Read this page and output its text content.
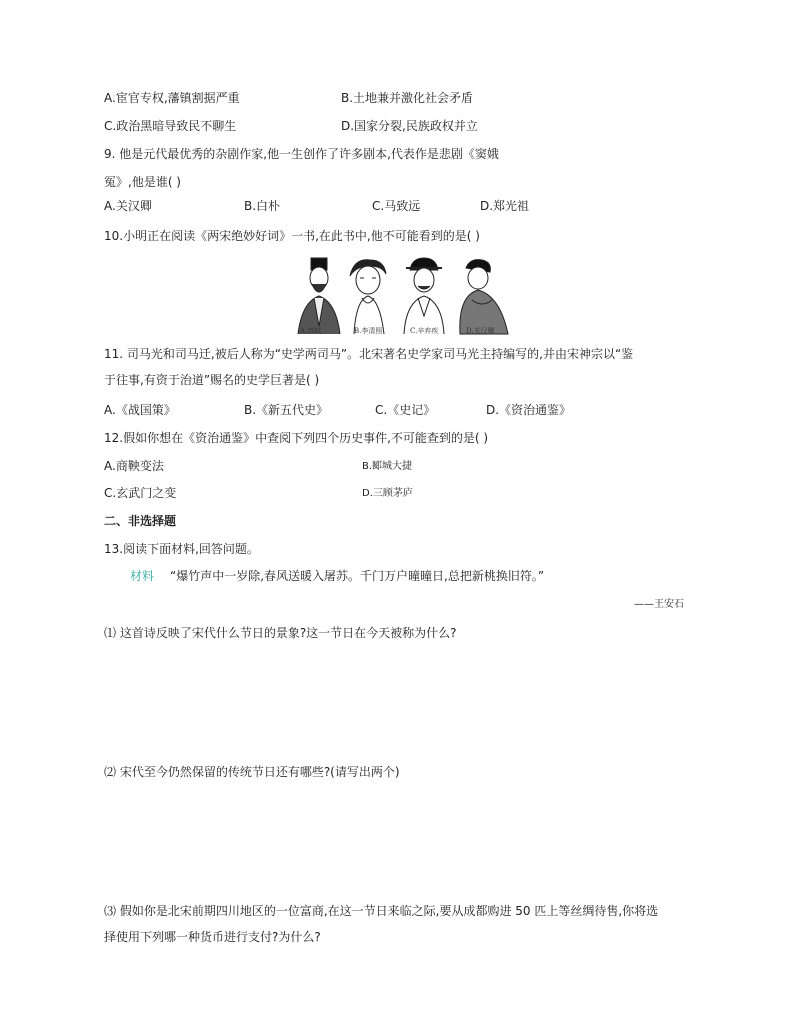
A.宦官专权,藩镇割据严重	B.土地兼并激化社会矛盾
C.政治黑暗导致民不聊生	D.国家分裂,民族政权并立
9. 他是元代最优秀的杂剧作家,他一生创作了许多剧本,代表作是悲剧《窦娥
冤》,他是谁( )
A.关汉卿	B.白朴	C.马致远	D.郑光祖
10.小明正在阅读《两宋绝妙好词》一书,在此书中,他不可能看到的是( )
A.苏轼	B.李清照	C.辛弃疾	D.关汉卿
11. 司马光和司马迁,被后人称为“史学两司马”。北宋著名史学家司马光主持编写的,并由宋神宗以“鉴
于往事,有资于治道”赐名的史学巨著是( )
A.《战国策》	B.《新五代史》	C.《史记》	D.《资治通鉴》
12.假如你想在《资治通鉴》中查阅下列四个历史事件,不可能查到的是( )
A.商鞅变法	B.郾城大捷
C.玄武门之变	D.三顾茅庐
二、非选择题
13.阅读下面材料,回答问题。
材料 “爆竹声中一岁除,春风送暖入屠苏。千门万户曈曈日,总把新桃换旧符。”
——王安石
⑴ 这首诗反映了宋代什么节日的景象?这一节日在今天被称为什么?
⑵ 宋代至今仍然保留的传统节日还有哪些?(请写出两个)
⑶ 假如你是北宋前期四川地区的一位富商,在这一节日来临之际,要从成都购进 50 匹上等丝绸待售,你将选
择使用下列哪一种货币进行支付?为什么?
